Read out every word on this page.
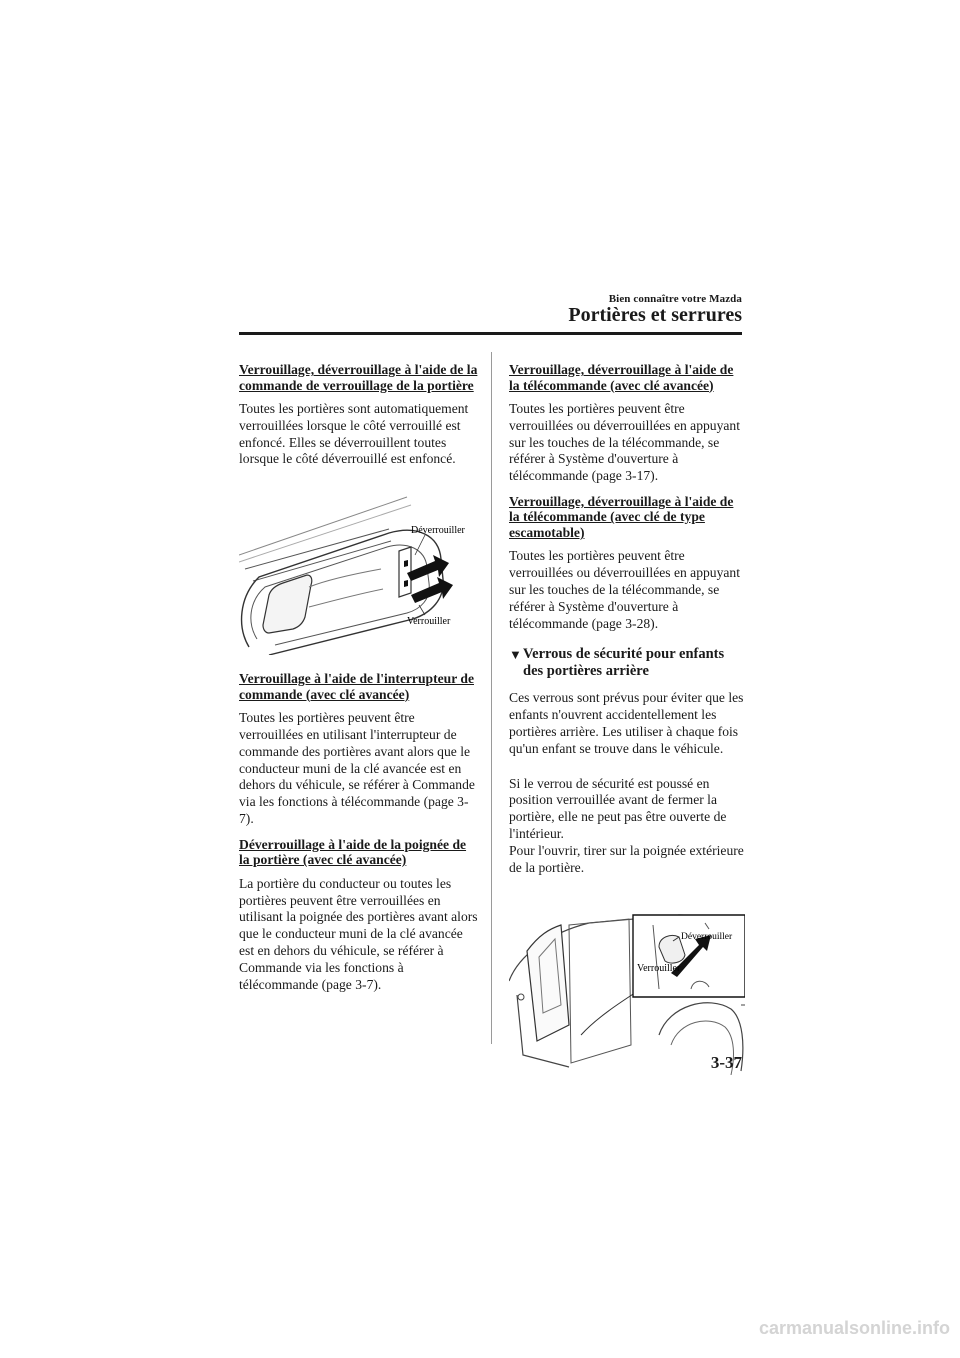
Bien connaître votre Mazda
Portières et serrures
Verrouillage, déverrouillage à l'aide de la commande de verrouillage de la portière
Toutes les portières sont automatiquement verrouillées lorsque le côté verrouillé est enfoncé. Elles se déverrouillent toutes lorsque le côté déverrouillé est enfoncé.
Déverrouiller
Verrouiller
Verrouillage à l'aide de l'interrupteur de commande (avec clé avancée)
Toutes les portières peuvent être verrouillées en utilisant l'interrupteur de commande des portières avant alors que le conducteur muni de la clé avancée est en dehors du véhicule, se référer à Commande via les fonctions à télécommande (page 3-7).
Déverrouillage à l'aide de la poignée de la portière (avec clé avancée)
La portière du conducteur ou toutes les portières peuvent être verrouillées en utilisant la poignée des portières avant alors que le conducteur muni de la clé avancée est en dehors du véhicule, se référer à Commande via les fonctions à télécommande (page 3-7).
Verrouillage, déverrouillage à l'aide de la télécommande (avec clé avancée)
Toutes les portières peuvent être verrouillées ou déverrouillées en appuyant sur les touches de la télécommande, se référer à Système d'ouverture à télécommande (page 3-17).
Verrouillage, déverrouillage à l'aide de la télécommande (avec clé de type escamotable)
Toutes les portières peuvent être verrouillées ou déverrouillées en appuyant sur les touches de la télécommande, se référer à Système d'ouverture à télécommande (page 3-28).
▼ Verrous de sécurité pour enfants des portières arrière
Ces verrous sont prévus pour éviter que les enfants n'ouvrent accidentellement les portières arrière. Les utiliser à chaque fois qu'un enfant se trouve dans le véhicule.
Si le verrou de sécurité est poussé en position verrouillée avant de fermer la portière, elle ne peut pas être ouverte de l'intérieur.
Pour l'ouvrir, tirer sur la poignée extérieure de la portière.
Déverrouiller
Verrouiller
3-37
carmanualsonline.info
